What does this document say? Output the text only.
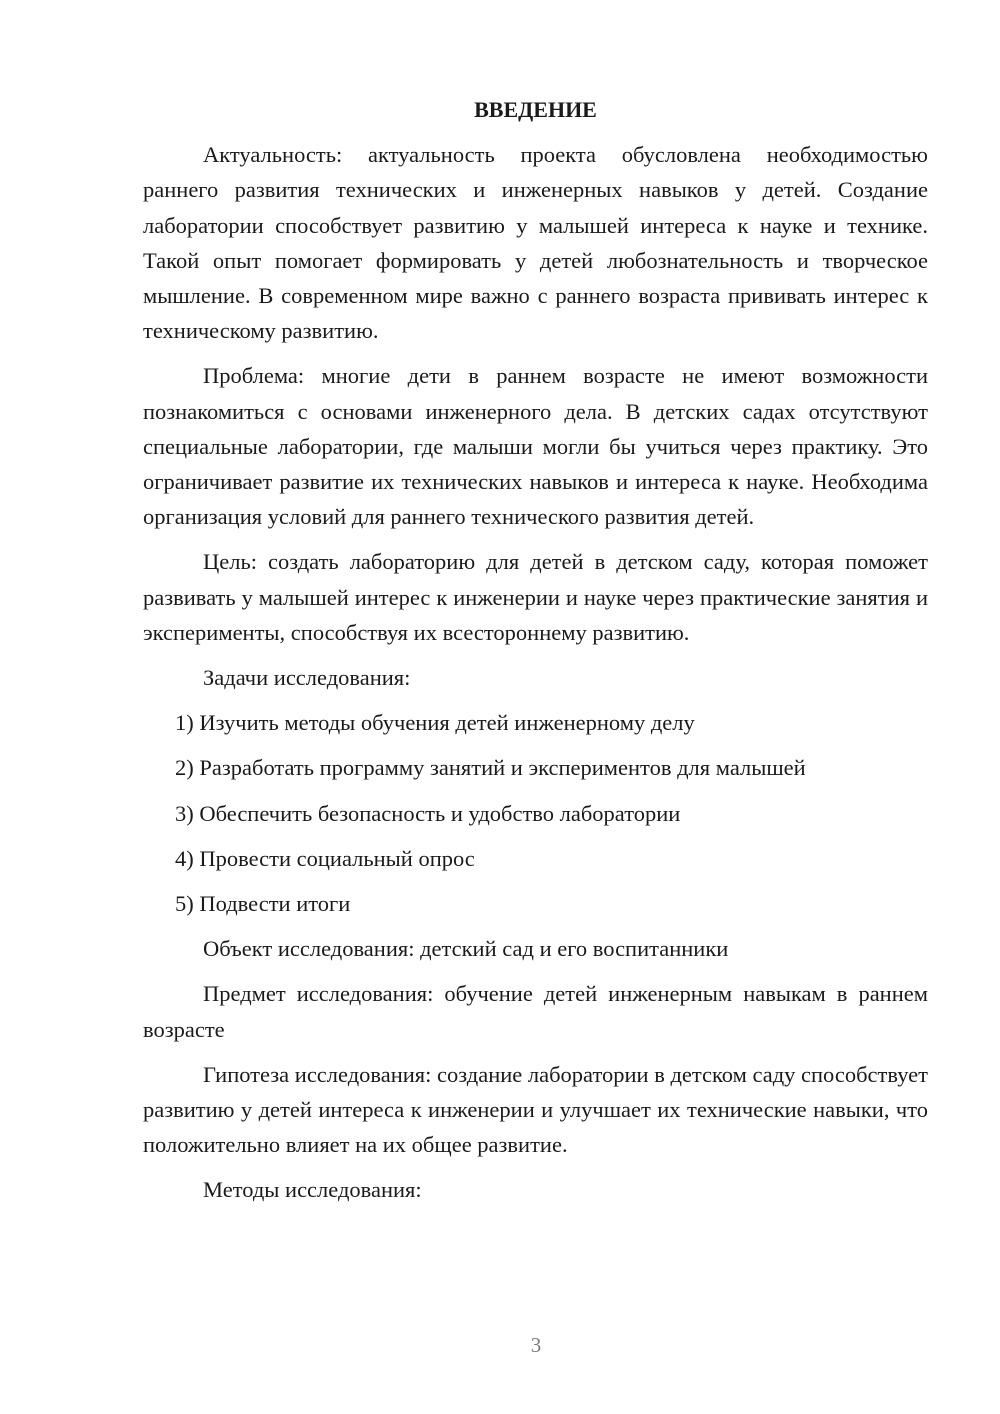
ВВЕДЕНИЕ

Актуальность: актуальность проекта обусловлена необходимостью раннего развития технических и инженерных навыков у детей. Создание лаборатории способствует развитию у малышей интереса к науке и технике. Такой опыт помогает формировать у детей любознательность и творческое мышление. В современном мире важно с раннего возраста прививать интерес к техническому развитию.

Проблема: многие дети в раннем возрасте не имеют возможности познакомиться с основами инженерного дела. В детских садах отсутствуют специальные лаборатории, где малыши могли бы учиться через практику. Это ограничивает развитие их технических навыков и интереса к науке. Необходима организация условий для раннего технического развития детей.

Цель: создать лабораторию для детей в детском саду, которая поможет развивать у малышей интерес к инженерии и науке через практические занятия и эксперименты, способствуя их всестороннему развитию.

Задачи исследования:
1) Изучить методы обучения детей инженерному делу
2) Разработать программу занятий и экспериментов для малышей
3) Обеспечить безопасность и удобство лаборатории
4) Провести социальный опрос
5) Подвести итоги
Объект исследования: детский сад и его воспитанники

Предмет исследования: обучение детей инженерным навыкам в раннем возрасте

Гипотеза исследования: создание лаборатории в детском саду способствует развитию у детей интереса к инженерии и улучшает их технические навыки, что положительно влияет на их общее развитие.

Методы исследования:
3
